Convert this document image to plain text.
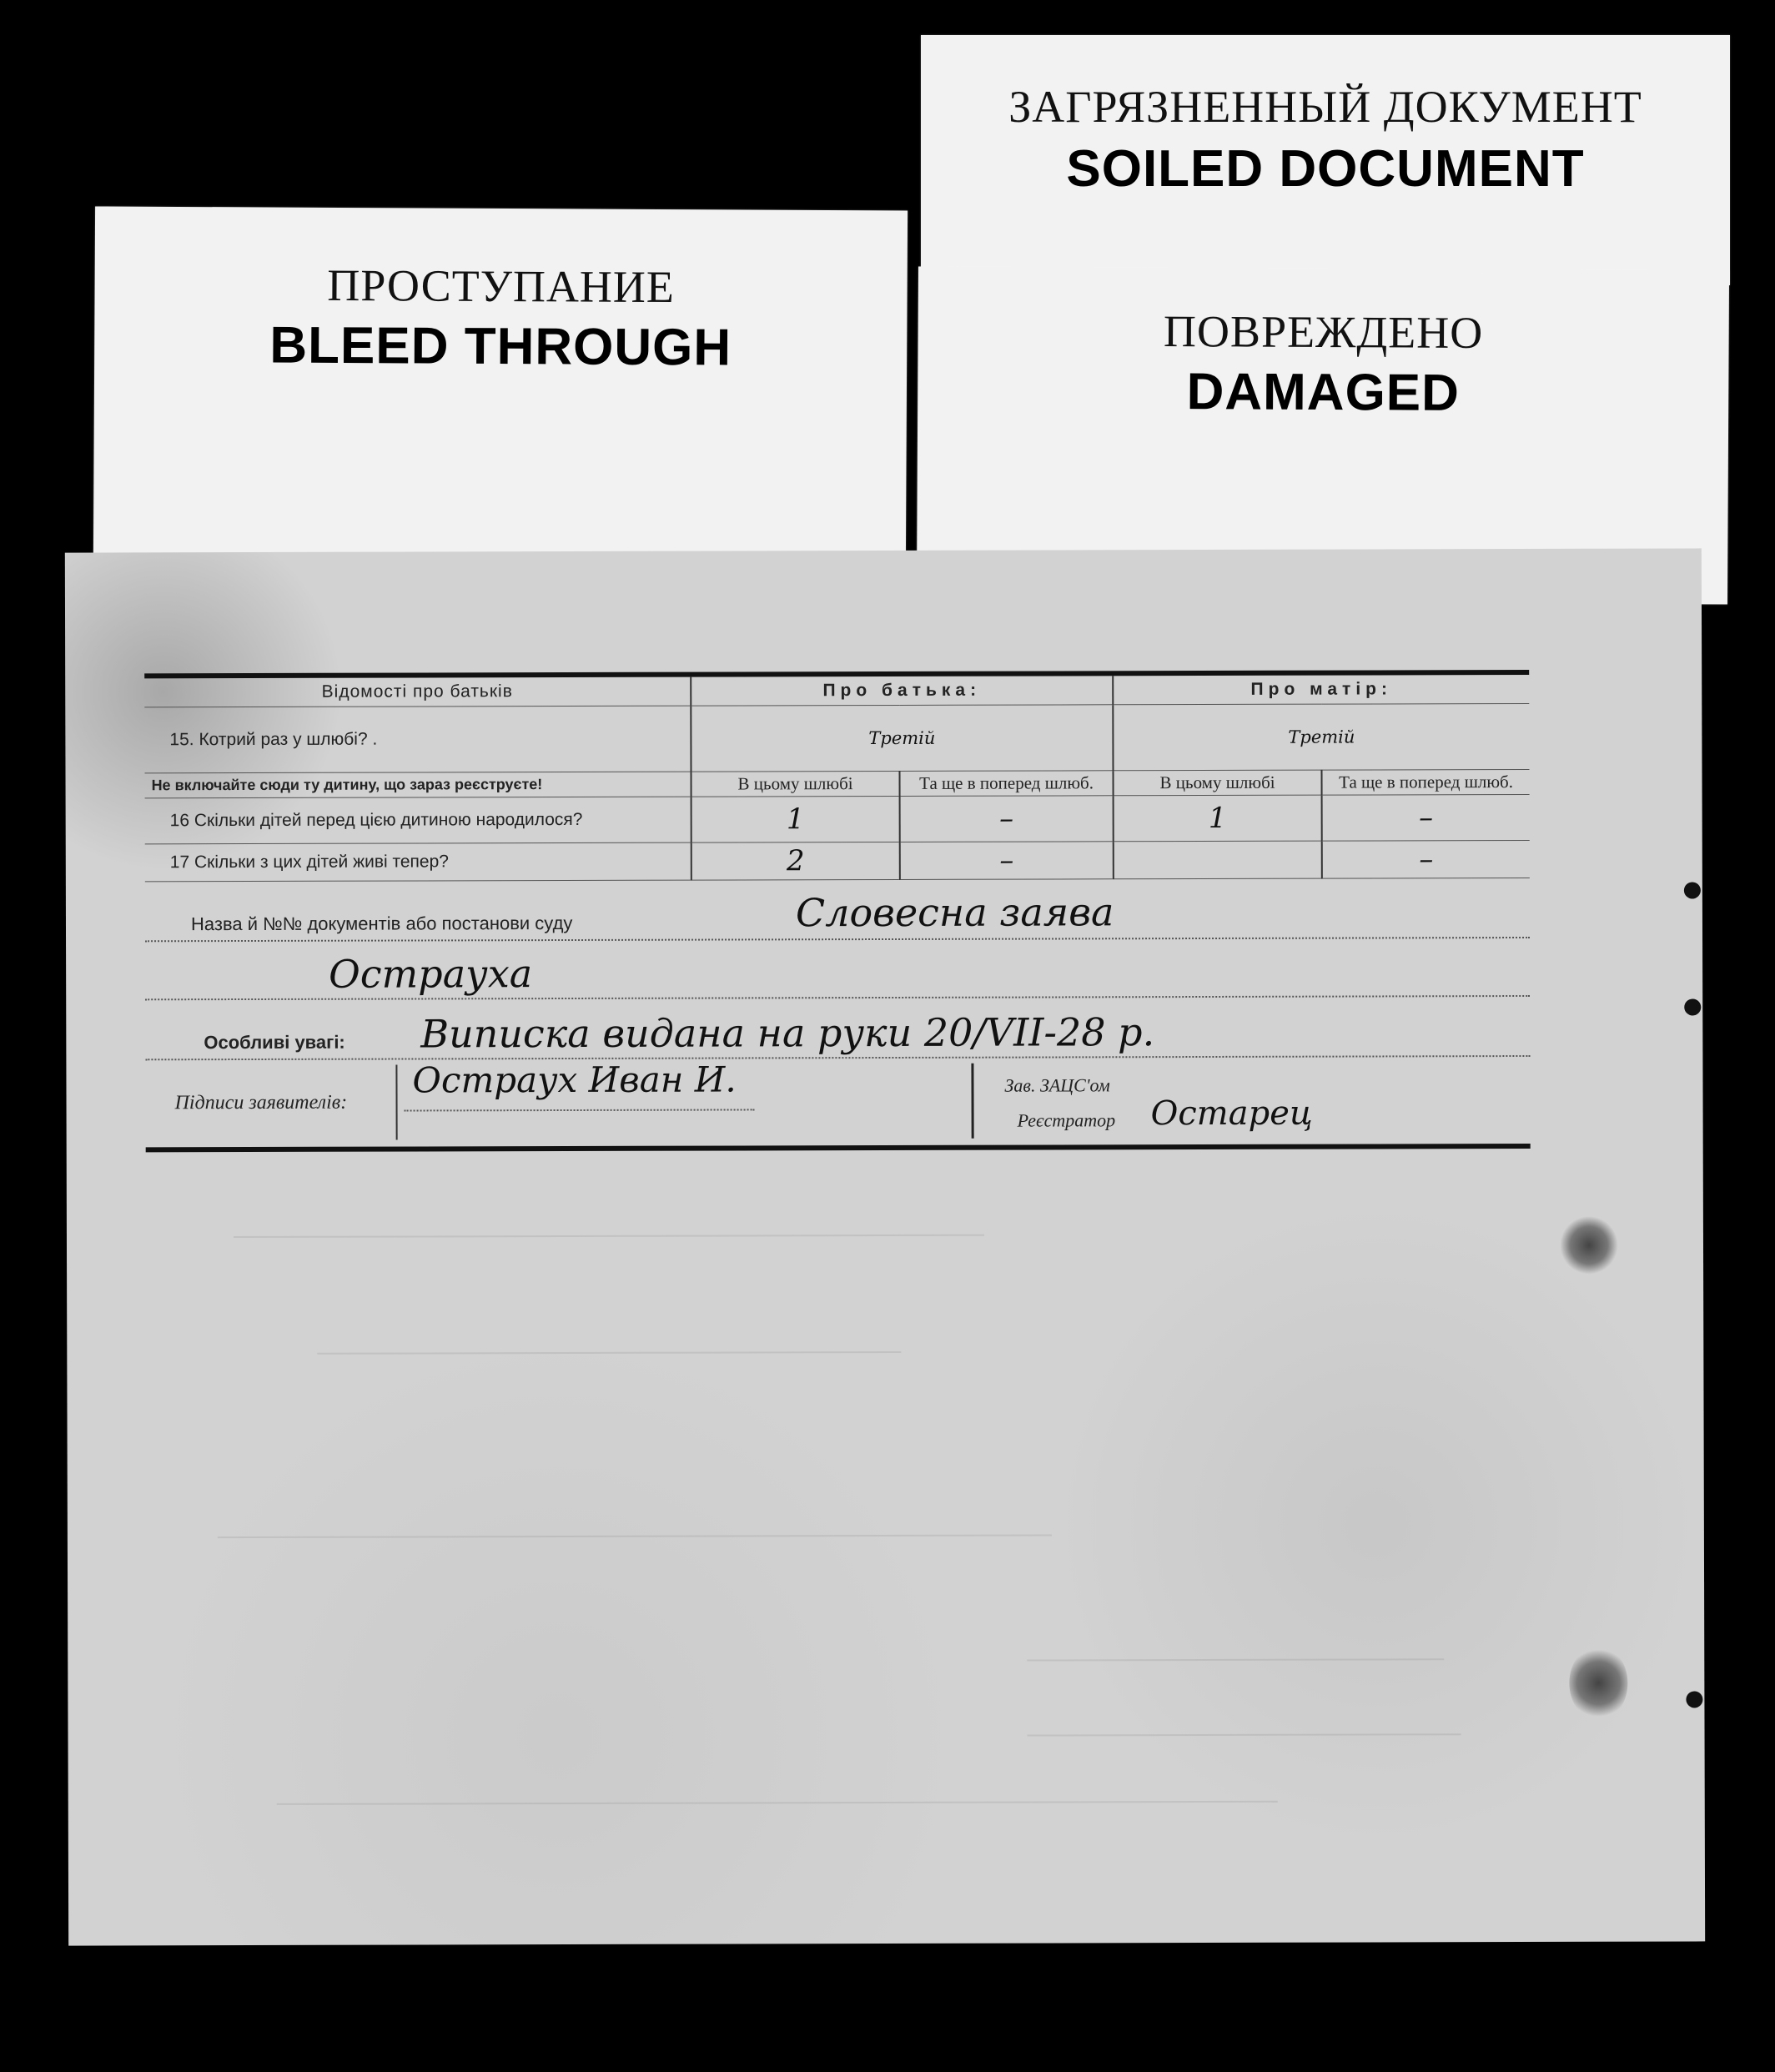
ПРОСТУПАНИЕ
BLEED THROUGH
ЗАГРЯЗНЕННЫЙ ДОКУМЕНТ
SOILED DOCUMENT
ПОВРЕЖДЕНО
DAMAGED
Відомості про батьків	Про батька:		Про матір:	
15. Котрий раз у шлюбі? .	Третій		Третій	
Не включайте сюди ту дитину, що зараз реєструєте!	В цьому шлюбі	Та ще в поперед шлюб.	В цьому шлюбі	Та ще в поперед шлюб.
16 Скільки дітей перед цією дитиною народилося?	1	–	1	–
17 Скільки з цих дітей живі тепер?	2	–		–
Назва й №№ документів або постанови суду	Словесна заява
Острауха
Особливі увагі: Виписка видана на руки 20/VII-28 р.
Підписи заявителів:
Остраух Иван И.	Зав. ЗАЦС'ом
Реєстратор Остарец
